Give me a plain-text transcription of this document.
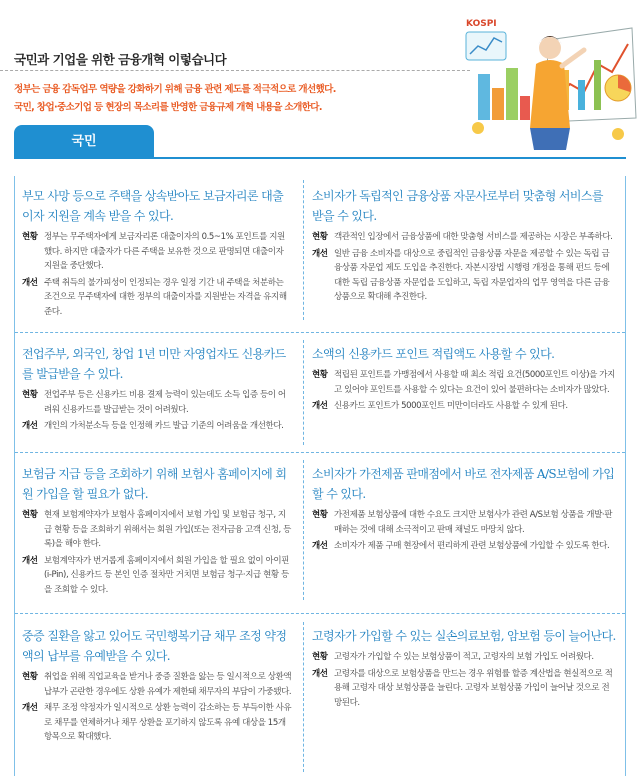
국민과 기업을 위한 금융개혁 이렇습니다
정부는 금융 감독업무 역량을 강화하기 위해 금융 관련 제도를 적극적으로 개선했다.
국민, 창업·중소기업 등 현장의 목소리를 반영한 금융규제 개혁 내용을 소개한다.
KOSPI
국민
부모 사망 등으로 주택을 상속받아도 보금자리론 대출이자 지원을 계속 받을 수 있다.
현황 정부는 무주택자에게 보금자리론 대출이자의 0.5~1% 포인트를 지원했다. 하지만 대출자가 다른 주택을 보유한 것으로 판명되면 대출이자 지원을 중단했다.
개선 주택 취득의 불가피성이 인정되는 경우 일정 기간 내 주택을 처분하는 조건으로 무주택자에 대한 정부의 대출이자를 지원받는 자격을 유지해준다.
소비자가 독립적인 금융상품 자문사로부터 맞춤형 서비스를 받을 수 있다.
현황 객관적인 입장에서 금융상품에 대한 맞춤형 서비스를 제공하는 시장은 부족하다.
개선 일반 금융 소비자를 대상으로 중립적인 금융상품 자문을 제공할 수 있는 독립 금융상품 자문업 제도 도입을 추진한다. 자본시장법 시행령 개정을 통해 펀드 등에 대한 독립 금융상품 자문업을 도입하고, 독립 자문업자의 업무 영역을 다른 금융상품으로 확대해 추진한다.
전업주부, 외국인, 창업 1년 미만 자영업자도 신용카드를 발급받을 수 있다.
현황 전업주부 등은 신용카드 비용 결제 능력이 있는데도 소득 입증 등이 어려워 신용카드를 발급받는 것이 어려웠다.
개선 개인의 가처분소득 등을 인정해 카드 발급 기준의 어려움을 개선한다.
소액의 신용카드 포인트 적립액도 사용할 수 있다.
현황 적립된 포인트를 가맹점에서 사용할 때 최소 적립 요건(5000포인트 이상)을 가지고 있어야 포인트를 사용할 수 있다는 요건이 있어 불편하다는 소비자가 많았다.
개선 신용카드 포인트가 5000포인트 미만이더라도 사용할 수 있게 된다.
보험금 지급 등을 조회하기 위해 보험사 홈페이지에 회원 가입을 할 필요가 없다.
현황 현재 보험계약자가 보험사 홈페이지에서 보험 가입 및 보험금 청구, 지급 현황 등을 조회하기 위해서는 회원 가입(또는 전자금융 고객 신청, 등록)을 해야 한다.
개선 보험계약자가 번거롭게 홈페이지에서 회원 가입을 할 필요 없이 아이핀(i-Pin), 신용카드 등 본인 인증 절차만 거치면 보험금 청구·지급 현황 등을 조회할 수 있다.
소비자가 가전제품 판매점에서 바로 전자제품 A/S보험에 가입할 수 있다.
현황 가전제품 보험상품에 대한 수요도 크지만 보험사가 관련 A/S보험 상품을 개발·판매하는 것에 대해 소극적이고 판매 채널도 마땅치 않다.
개선 소비자가 제품 구매 현장에서 편리하게 관련 보험상품에 가입할 수 있도록 한다.
중증 질환을 앓고 있어도 국민행복기금 채무 조정 약정액의 납부를 유예받을 수 있다.
현황 취업을 위해 직업교육을 받거나 중증 질환을 앓는 등 일시적으로 상환액 납부가 곤란한 경우에도 상환 유예가 제한돼 채무자의 부담이 가중됐다.
개선 채무 조정 약정자가 일시적으로 상환 능력이 감소하는 등 부득이한 사유로 채무를 연체하거나 채무 상환을 포기하지 않도록 유예 대상을 15개 항목으로 확대했다.
고령자가 가입할 수 있는 실손의료보험, 암보험 등이 늘어난다.
현황 고령자가 가입할 수 있는 보험상품이 적고, 고령자의 보험 가입도 어려웠다.
개선 고령자를 대상으로 보험상품을 만드는 경우 위험률 할증 계산법을 현실적으로 적용해 고령자 대상 보험상품을 늘린다. 고령자 보험상품 가입이 늘어날 것으로 전망된다.
